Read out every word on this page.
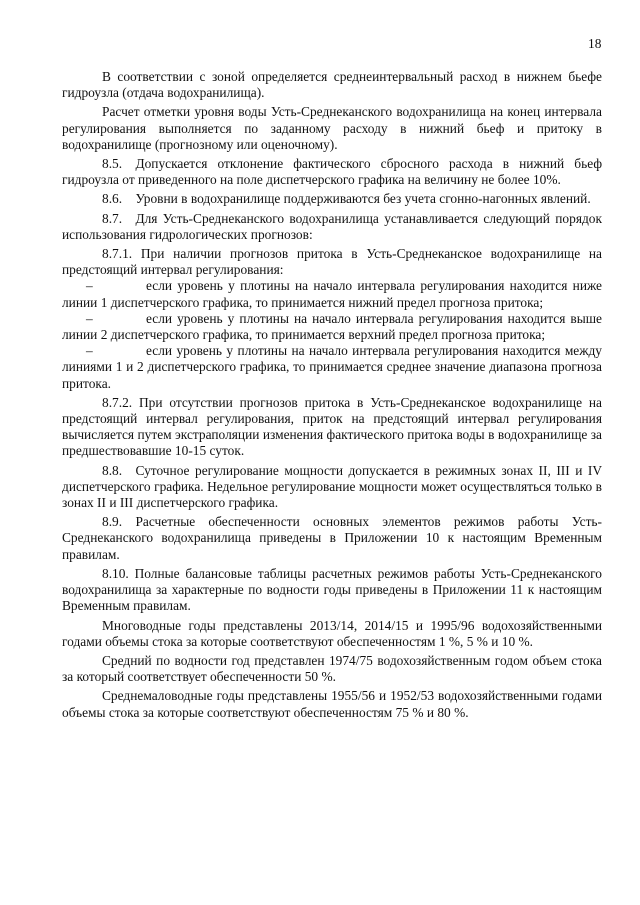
18

В соответствии с зоной определяется среднеинтервальный расход в нижнем бьефе гидроузла (отдача водохранилища).

Расчет отметки уровня воды Усть-Среднеканского водохранилища на конец интервала регулирования выполняется по заданному расходу в нижний бьеф и притоку в водохранилище (прогнозному или оценочному).

8.5. Допускается отклонение фактического сбросного расхода в нижний бьеф гидроузла от приведенного на поле диспетчерского графика на величину не более 10%.

8.6. Уровни в водохранилище поддерживаются без учета сгонно-нагонных явлений.

8.7. Для Усть-Среднеканского водохранилища устанавливается следующий порядок использования гидрологических прогнозов:

8.7.1. При наличии прогнозов притока в Усть-Среднеканское водохранилище на предстоящий интервал регулирования:

–	если уровень у плотины на начало интервала регулирования находится ниже линии 1 диспетчерского графика, то принимается нижний предел прогноза притока;

–	если уровень у плотины на начало интервала регулирования находится выше линии 2 диспетчерского графика, то принимается верхний предел прогноза притока;

–	если уровень у плотины на начало интервала регулирования находится между линиями 1 и 2 диспетчерского графика, то принимается среднее значение диапазона прогноза притока.

8.7.2. При отсутствии прогнозов притока в Усть-Среднеканское водохранилище на предстоящий интервал регулирования, приток на предстоящий интервал регулирования вычисляется путем экстраполяции изменения фактического притока воды в водохранилище за предшествовавшие 10-15 суток.

8.8. Суточное регулирование мощности допускается в режимных зонах II, III и IV диспетчерского графика. Недельное регулирование мощности может осуществляться только в зонах II и III диспетчерского графика.

8.9. Расчетные обеспеченности основных элементов режимов работы Усть-Среднеканского водохранилища приведены в Приложении 10 к настоящим Временным правилам.

8.10. Полные балансовые таблицы расчетных режимов работы Усть-Среднеканского водохранилища за характерные по водности годы приведены в Приложении 11 к настоящим Временным правилам.

Многоводные годы представлены 2013/14, 2014/15 и 1995/96 водохозяйственными годами объемы стока за которые соответствуют обеспеченностям 1 %, 5 % и 10 %.

Средний по водности год представлен 1974/75 водохозяйственным годом объем стока за который соответствует обеспеченности 50 %.

Среднемаловодные годы представлены 1955/56 и 1952/53 водохозяйственными годами объемы стока за которые соответствуют обеспеченностям 75 % и 80 %.
